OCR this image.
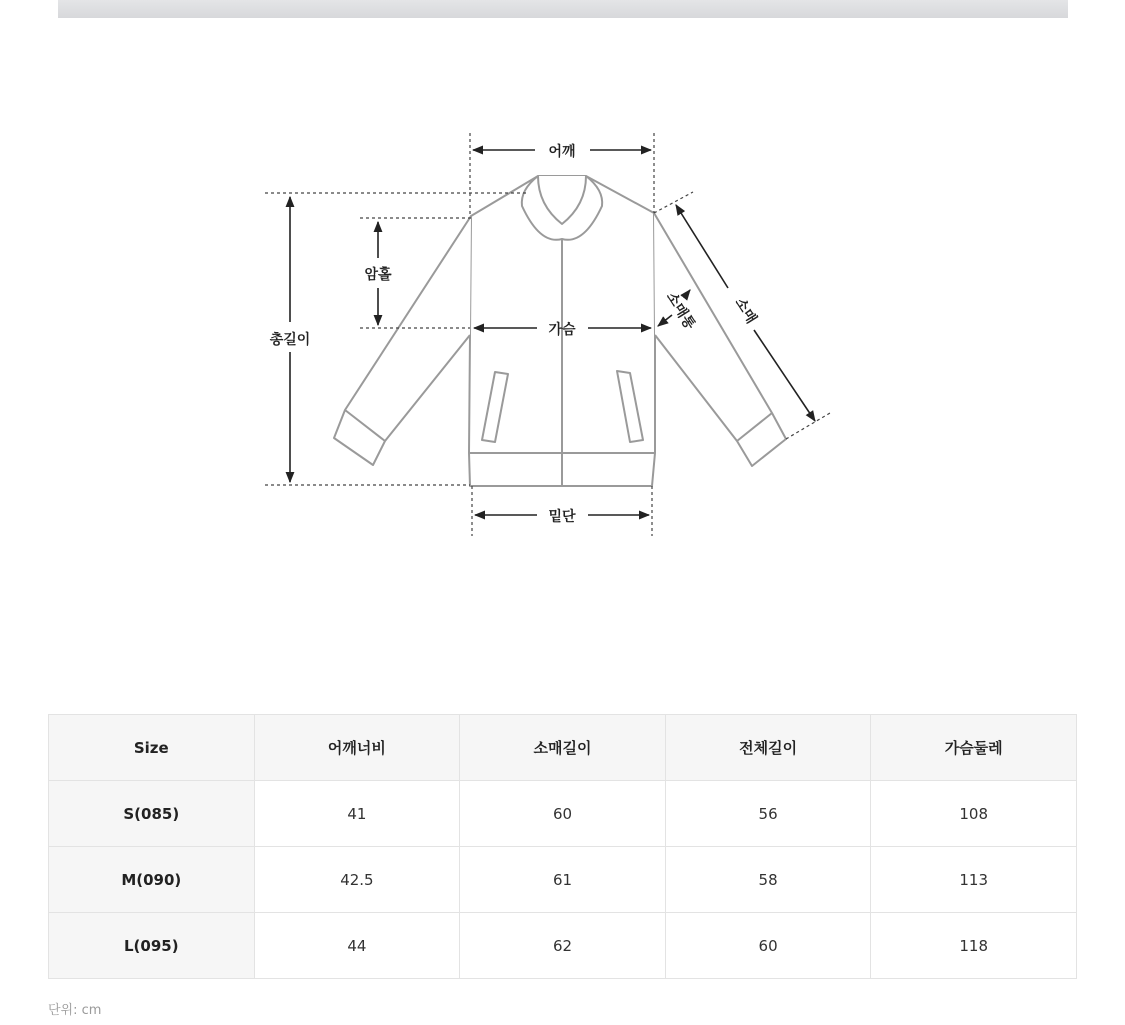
어깨
암홀
총길이
가슴
밑단
소매
소매통
Size	어깨너비	소매길이	전체길이	가슴둘레
S(085)	41	60	56	108
M(090)	42.5	61	58	113
L(095)	44	62	60	118
단위: cm
